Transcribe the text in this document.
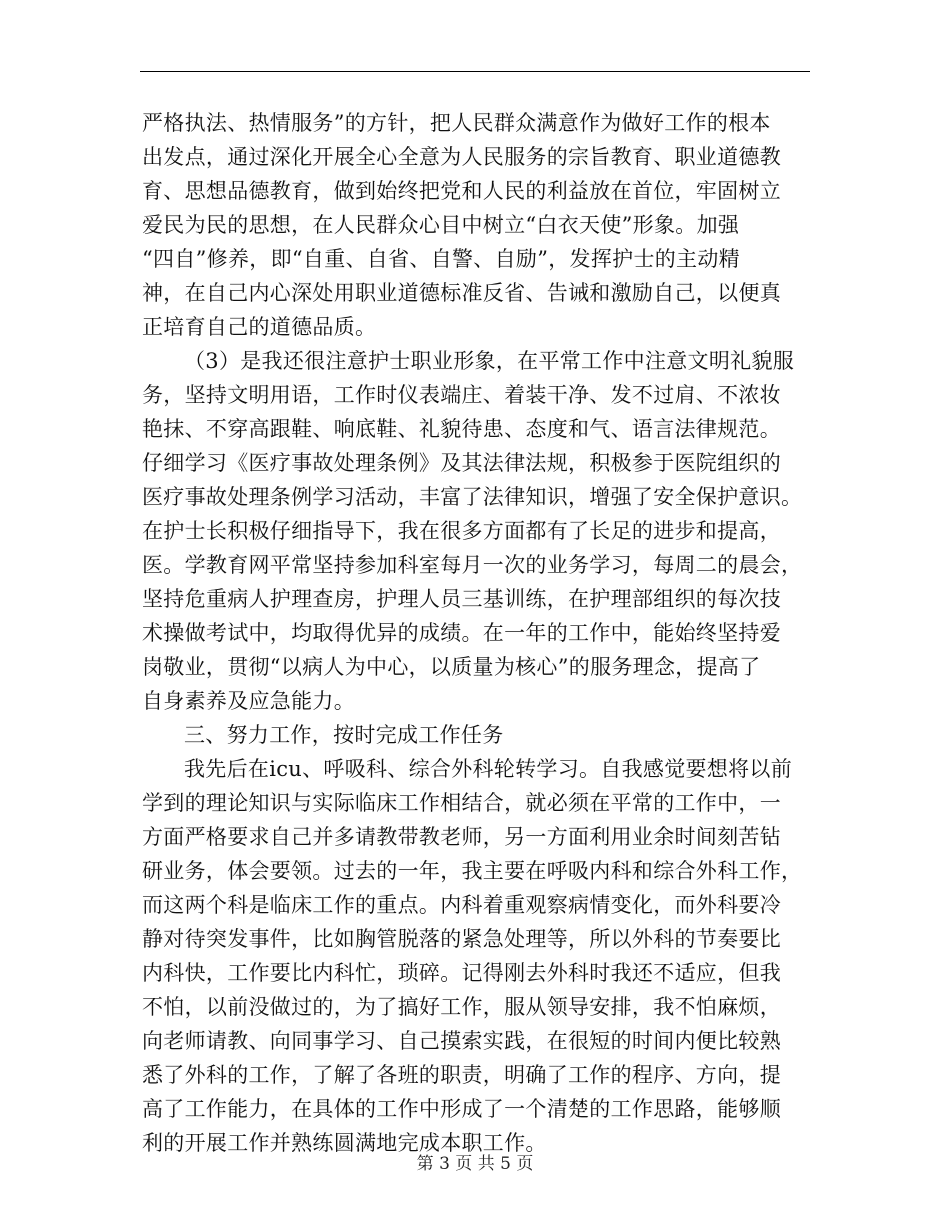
严格执法、热情服务”的方针，把人民群众满意作为做好工作的根本
出发点，通过深化开展全心全意为人民服务的宗旨教育、职业道德教
育、思想品德教育，做到始终把党和人民的利益放在首位，牢固树立
爱民为民的思想，在人民群众心目中树立“白衣天使”形象。加强
“四自”修养，即“自重、自省、自警、自励”，发挥护士的主动精
神，在自己内心深处用职业道德标准反省、告诫和激励自己，以便真
正培育自己的道德品质。
（3）是我还很注意护士职业形象，在平常工作中注意文明礼貌服
务，坚持文明用语，工作时仪表端庄、着装干净、发不过肩、不浓妆
艳抹、不穿高跟鞋、响底鞋、礼貌待患、态度和气、语言法律规范。
仔细学习《医疗事故处理条例》及其法律法规，积极参于医院组织的
医疗事故处理条例学习活动，丰富了法律知识，增强了安全保护意识。
在护士长积极仔细指导下，我在很多方面都有了长足的进步和提高，
医。学教育网平常坚持参加科室每月一次的业务学习，每周二的晨会，
坚持危重病人护理查房，护理人员三基训练，在护理部组织的每次技
术操做考试中，均取得优异的成绩。在一年的工作中，能始终坚持爱
岗敬业，贯彻“以病人为中心，以质量为核心”的服务理念，提高了
自身素养及应急能力。
三、努力工作，按时完成工作任务
我先后在icu、呼吸科、综合外科轮转学习。自我感觉要想将以前
学到的理论知识与实际临床工作相结合，就必须在平常的工作中，一
方面严格要求自己并多请教带教老师，另一方面利用业余时间刻苦钻
研业务，体会要领。过去的一年，我主要在呼吸内科和综合外科工作，
而这两个科是临床工作的重点。内科着重观察病情变化，而外科要冷
静对待突发事件，比如胸管脱落的紧急处理等，所以外科的节奏要比
内科快，工作要比内科忙，琐碎。记得刚去外科时我还不适应，但我
不怕，以前没做过的，为了搞好工作，服从领导安排，我不怕麻烦，
向老师请教、向同事学习、自己摸索实践，在很短的时间内便比较熟
悉了外科的工作，了解了各班的职责，明确了工作的程序、方向，提
高了工作能力，在具体的工作中形成了一个清楚的工作思路，能够顺
利的开展工作并熟练圆满地完成本职工作。
第 3 页 共 5 页
